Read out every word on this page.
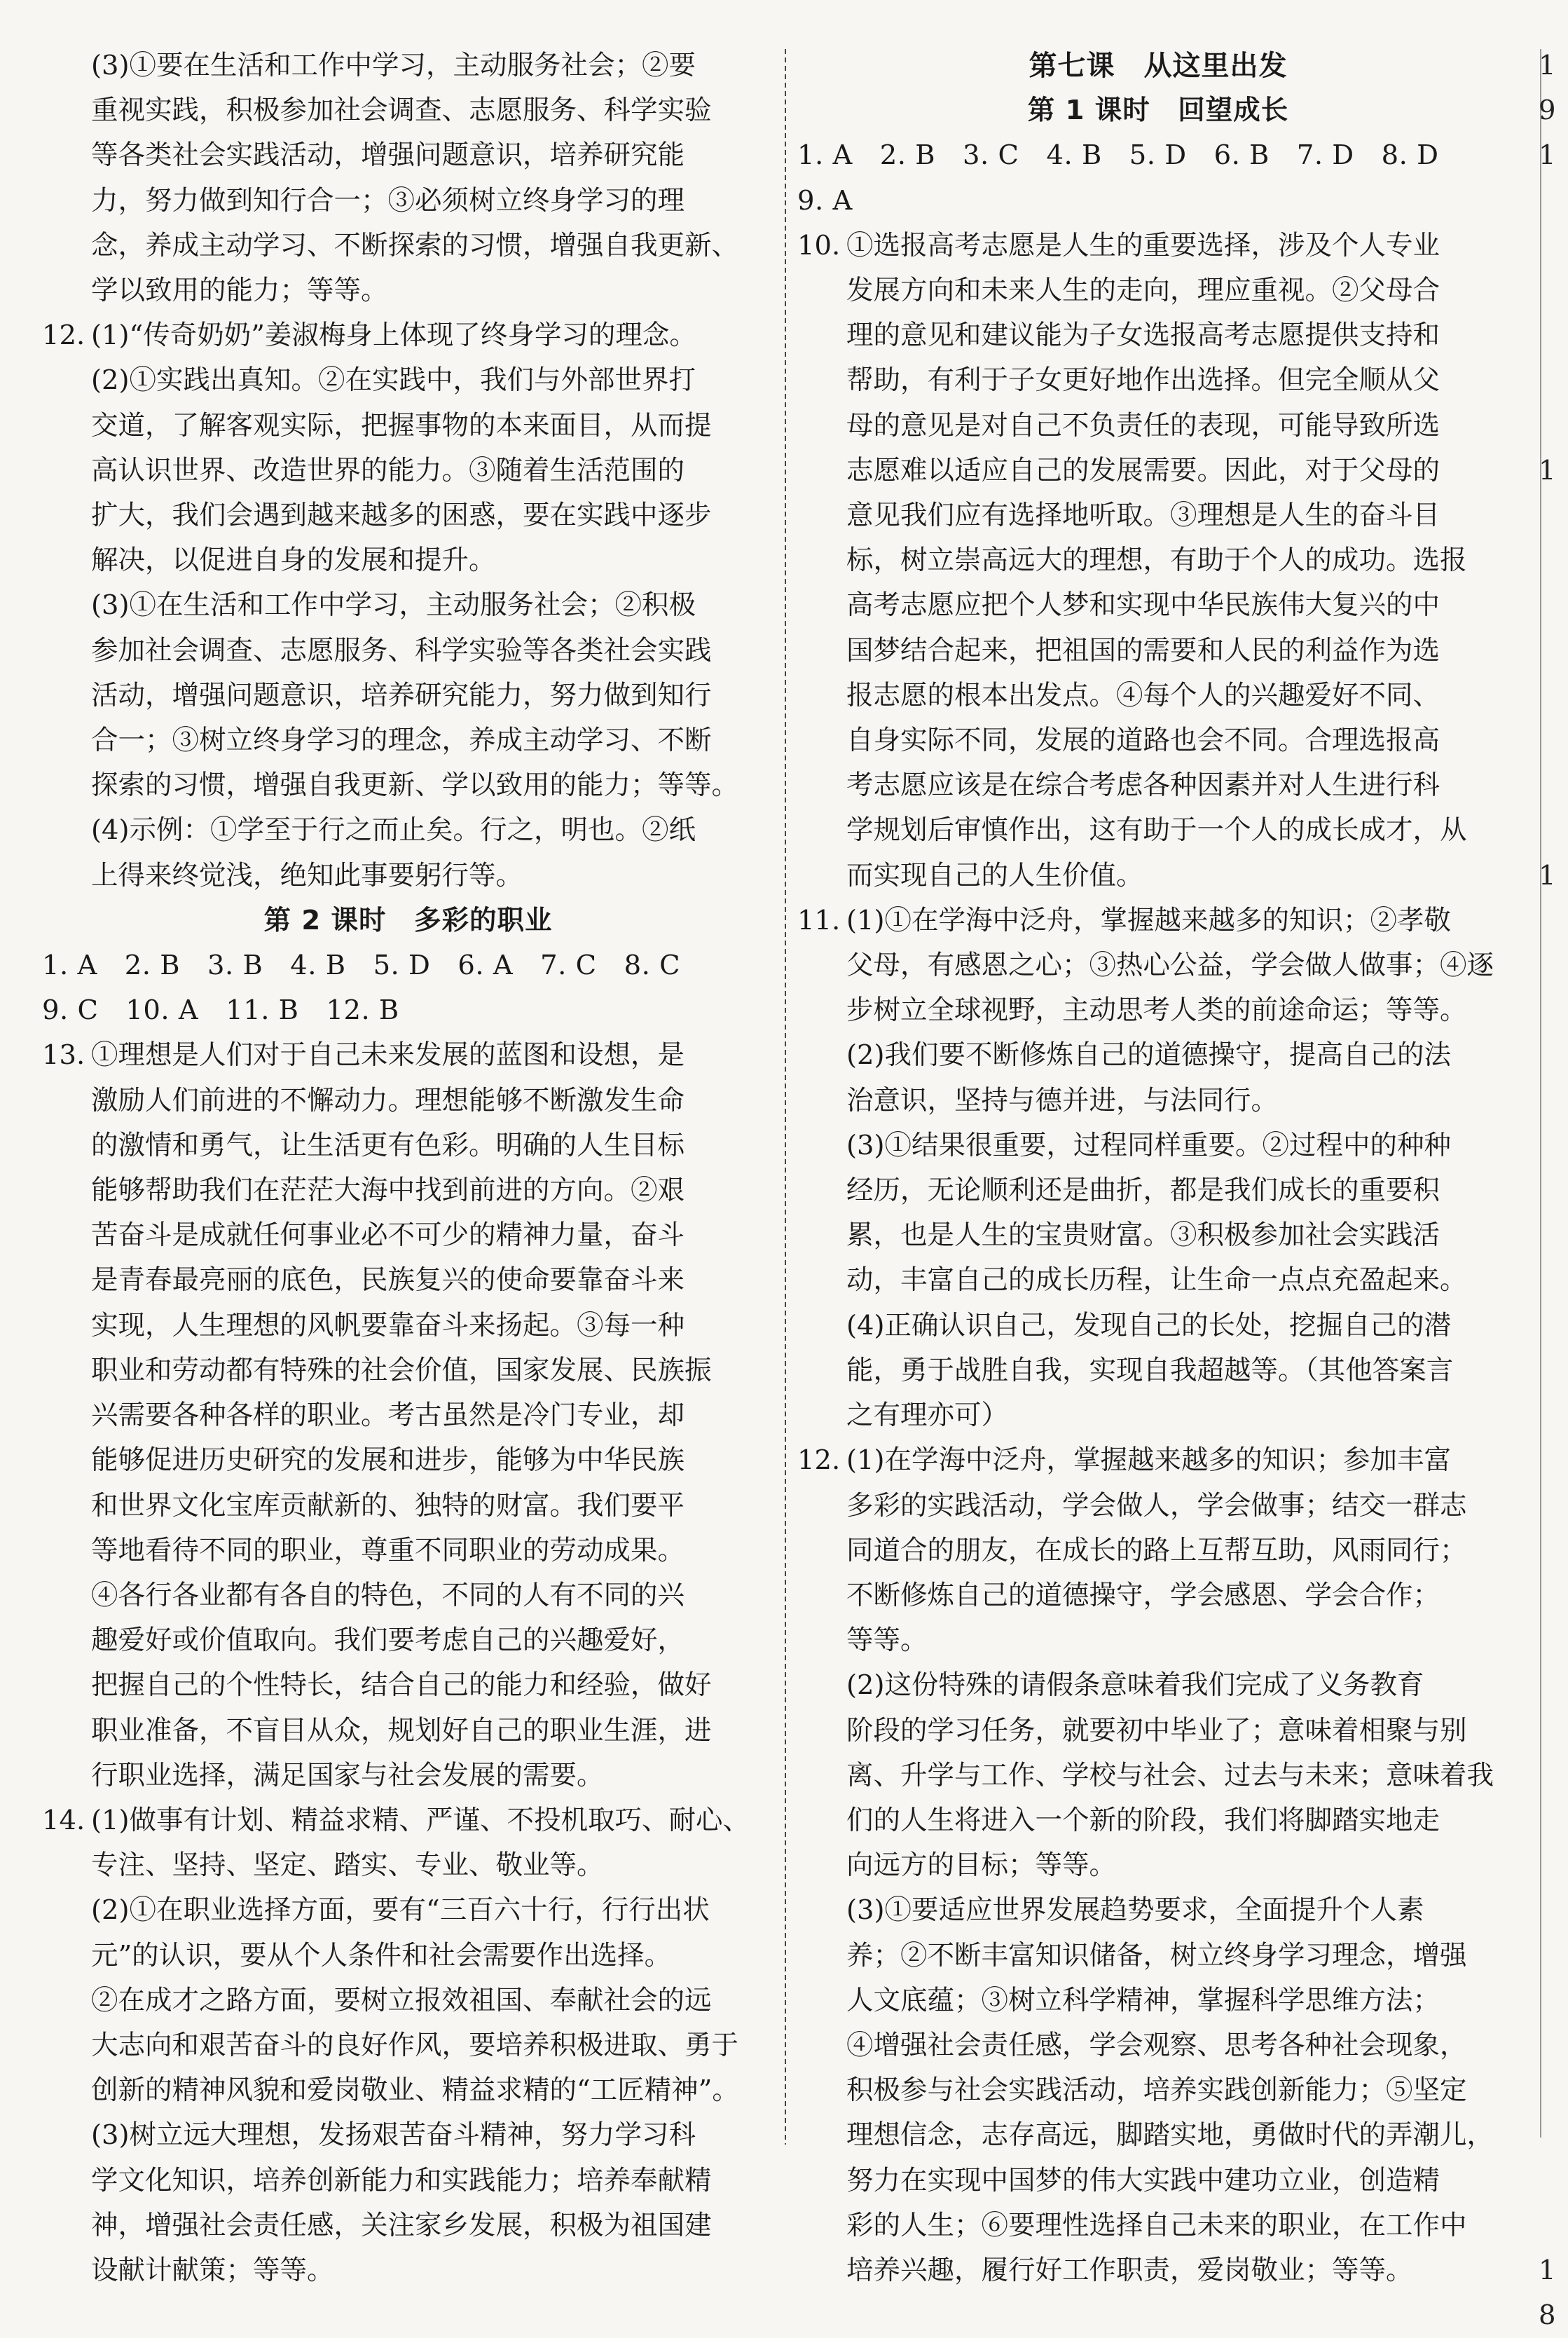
(3)①要在生活和工作中学习，主动服务社会；②要
重视实践，积极参加社会调查、志愿服务、科学实验
等各类社会实践活动，增强问题意识，培养研究能
力，努力做到知行合一；③必须树立终身学习的理
念，养成主动学习、不断探索的习惯，增强自我更新、
学以致用的能力；等等。
12. (1)“传奇奶奶”姜淑梅身上体现了终身学习的理念。
(2)①实践出真知。②在实践中，我们与外部世界打
交道，了解客观实际，把握事物的本来面目，从而提
高认识世界、改造世界的能力。③随着生活范围的
扩大，我们会遇到越来越多的困惑，要在实践中逐步
解决，以促进自身的发展和提升。
(3)①在生活和工作中学习，主动服务社会；②积极
参加社会调查、志愿服务、科学实验等各类社会实践
活动，增强问题意识，培养研究能力，努力做到知行
合一；③树立终身学习的理念，养成主动学习、不断
探索的习惯，增强自我更新、学以致用的能力；等等。
(4)示例：①学至于行之而止矣。行之，明也。②纸
上得来终觉浅，绝知此事要躬行等。
第 2 课时　多彩的职业
1. A　2. B　3. B　4. B　5. D　6. A　7. C　8. C
9. C　10. A　11. B　12. B
13. ①理想是人们对于自己未来发展的蓝图和设想，是
激励人们前进的不懈动力。理想能够不断激发生命
的激情和勇气，让生活更有色彩。明确的人生目标
能够帮助我们在茫茫大海中找到前进的方向。②艰
苦奋斗是成就任何事业必不可少的精神力量，奋斗
是青春最亮丽的底色，民族复兴的使命要靠奋斗来
实现，人生理想的风帆要靠奋斗来扬起。③每一种
职业和劳动都有特殊的社会价值，国家发展、民族振
兴需要各种各样的职业。考古虽然是冷门专业，却
能够促进历史研究的发展和进步，能够为中华民族
和世界文化宝库贡献新的、独特的财富。我们要平
等地看待不同的职业，尊重不同职业的劳动成果。
④各行各业都有各自的特色，不同的人有不同的兴
趣爱好或价值取向。我们要考虑自己的兴趣爱好，
把握自己的个性特长，结合自己的能力和经验，做好
职业准备，不盲目从众，规划好自己的职业生涯，进
行职业选择，满足国家与社会发展的需要。
14. (1)做事有计划、精益求精、严谨、不投机取巧、耐心、
专注、坚持、坚定、踏实、专业、敬业等。
(2)①在职业选择方面，要有“三百六十行，行行出状
元”的认识，要从个人条件和社会需要作出选择。
②在成才之路方面，要树立报效祖国、奉献社会的远
大志向和艰苦奋斗的良好作风，要培养积极进取、勇于
创新的精神风貌和爱岗敬业、精益求精的“工匠精神”。
(3)树立远大理想，发扬艰苦奋斗精神，努力学习科
学文化知识，培养创新能力和实践能力；培养奉献精
神，增强社会责任感，关注家乡发展，积极为祖国建
设献计献策；等等。
第七课　从这里出发
第 1 课时　回望成长
1. A　2. B　3. C　4. B　5. D　6. B　7. D　8. D
9. A
10. ①选报高考志愿是人生的重要选择，涉及个人专业
发展方向和未来人生的走向，理应重视。②父母合
理的意见和建议能为子女选报高考志愿提供支持和
帮助，有利于子女更好地作出选择。但完全顺从父
母的意见是对自己不负责任的表现，可能导致所选
志愿难以适应自己的发展需要。因此，对于父母的
意见我们应有选择地听取。③理想是人生的奋斗目
标，树立崇高远大的理想，有助于个人的成功。选报
高考志愿应把个人梦和实现中华民族伟大复兴的中
国梦结合起来，把祖国的需要和人民的利益作为选
报志愿的根本出发点。④每个人的兴趣爱好不同、
自身实际不同，发展的道路也会不同。合理选报高
考志愿应该是在综合考虑各种因素并对人生进行科
学规划后审慎作出，这有助于一个人的成长成才，从
而实现自己的人生价值。
11. (1)①在学海中泛舟，掌握越来越多的知识；②孝敬
父母，有感恩之心；③热心公益，学会做人做事；④逐
步树立全球视野，主动思考人类的前途命运；等等。
(2)我们要不断修炼自己的道德操守，提高自己的法
治意识，坚持与德并进，与法同行。
(3)①结果很重要，过程同样重要。②过程中的种种
经历，无论顺利还是曲折，都是我们成长的重要积
累，也是人生的宝贵财富。③积极参加社会实践活
动，丰富自己的成长历程，让生命一点点充盈起来。
(4)正确认识自己，发现自己的长处，挖掘自己的潜
能，勇于战胜自我，实现自我超越等。（其他答案言
之有理亦可）
12. (1)在学海中泛舟，掌握越来越多的知识；参加丰富
多彩的实践活动，学会做人，学会做事；结交一群志
同道合的朋友，在成长的路上互帮互助，风雨同行；
不断修炼自己的道德操守，学会感恩、学会合作；
等等。
(2)这份特殊的请假条意味着我们完成了义务教育
阶段的学习任务，就要初中毕业了；意味着相聚与别
离、升学与工作、学校与社会、过去与未来；意味着我
们的人生将进入一个新的阶段，我们将脚踏实地走
向远方的目标；等等。
(3)①要适应世界发展趋势要求，全面提升个人素
养；②不断丰富知识储备，树立终身学习理念，增强
人文底蕴；③树立科学精神，掌握科学思维方法；
④增强社会责任感，学会观察、思考各种社会现象，
积极参与社会实践活动，培养实践创新能力；⑤坚定
理想信念，志存高远，脚踏实地，勇做时代的弄潮儿，
努力在实现中国梦的伟大实践中建功立业，创造精
彩的人生；⑥要理性选择自己未来的职业，在工作中
培养兴趣，履行好工作职责，爱岗敬业；等等。
1
9
1

1

1

1
8
